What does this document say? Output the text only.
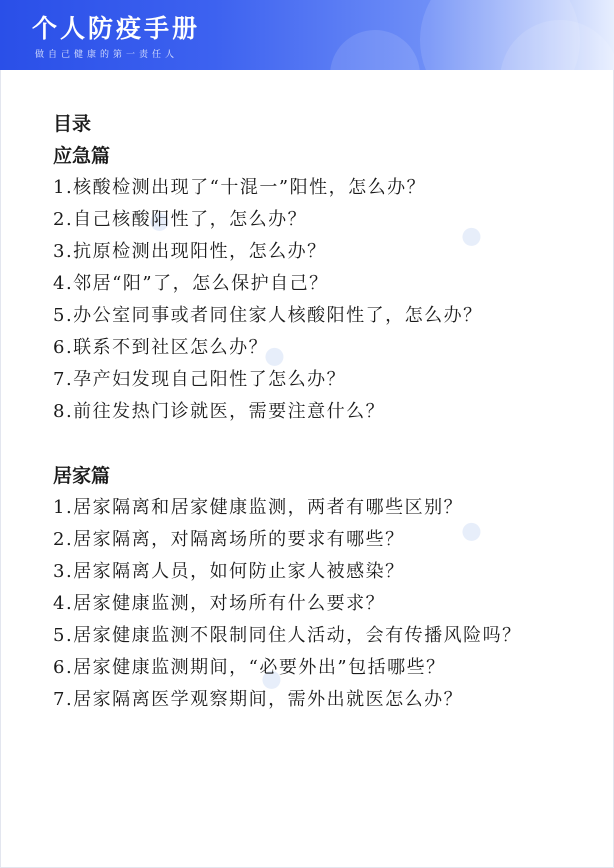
个人防疫手册
做自己健康的第一责任人

目录

应急篇

1.核酸检测出现了“十混一”阳性，怎么办？

2.自己核酸阳性了，怎么办？

3.抗原检测出现阳性，怎么办？

4.邻居“阳”了，怎么保护自己？

5.办公室同事或者同住家人核酸阳性了，怎么办？

6.联系不到社区怎么办？

7.孕产妇发现自己阳性了怎么办？

8.前往发热门诊就医，需要注意什么？

居家篇

1.居家隔离和居家健康监测，两者有哪些区别？

2.居家隔离，对隔离场所的要求有哪些？

3.居家隔离人员，如何防止家人被感染？

4.居家健康监测，对场所有什么要求？

5.居家健康监测不限制同住人活动，会有传播风险吗？

6.居家健康监测期间，“必要外出”包括哪些？

7.居家隔离医学观察期间，需外出就医怎么办？
